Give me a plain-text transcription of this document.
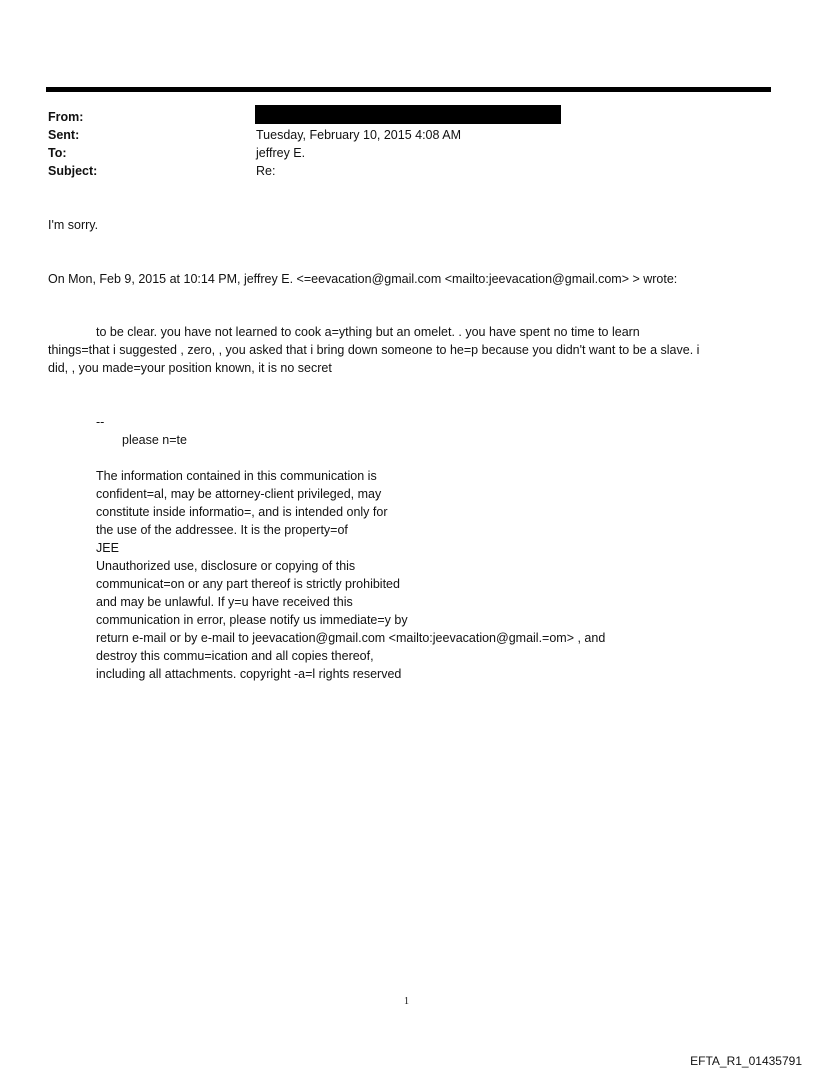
From:
Sent:	Tuesday, February 10, 2015 4:08 AM
To:	jeffrey E.
Subject:	Re:
I'm sorry.
On Mon, Feb 9, 2015 at 10:14 PM, jeffrey E. <=eevacation@gmail.com <mailto:jeevacation@gmail.com> > wrote:
to be clear. you have not learned to cook a=ything but an omelet. . you have spent no time to learn
things=that i suggested , zero, , you asked that i bring down someone to he=p because you didn't want to be a slave. i
did, , you made=your position known, it is no secret
--
please n=te
The information contained in this communication is
confident=al, may be attorney-client privileged, may
constitute inside informatio=, and is intended only for
the use of the addressee. It is the property=of
JEE
Unauthorized use, disclosure or copying of this
communicat=on or any part thereof is strictly prohibited
and may be unlawful. If y=u have received this
communication in error, please notify us immediate=y by
return e-mail or by e-mail to jeevacation@gmail.com <mailto:jeevacation@gmail.=om> , and
destroy this commu=ication and all copies thereof,
including all attachments. copyright -a=l rights reserved
1
EFTA_R1_01435791
